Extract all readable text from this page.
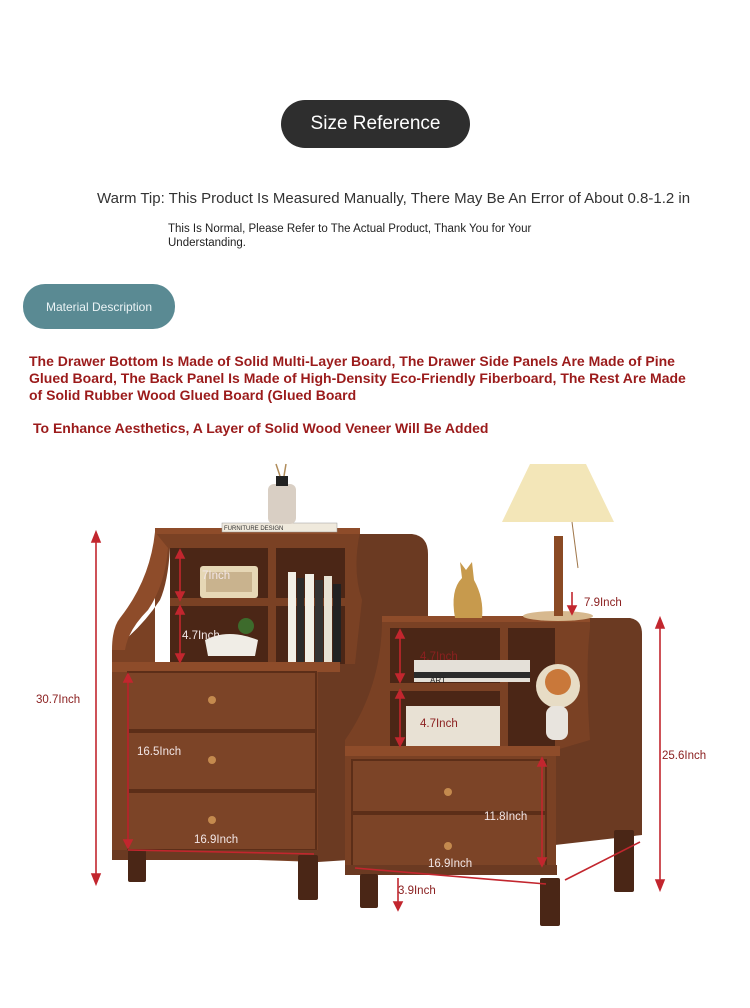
Size Reference
Warm Tip: This Product Is Measured Manually, There May Be An Error of About 0.8-1.2 in
This Is Normal, Please Refer to The Actual Product, Thank You for Your Understanding.
Material Description
The Drawer Bottom Is Made of Solid Multi-Layer Board, The Drawer Side Panels Are Made of Pine Glued Board, The Back Panel Is Made of High-Density Eco-Friendly Fiberboard, The Rest Are Made of Solid Rubber Wood Glued Board (Glued Board
To Enhance Aesthetics, A Layer of Solid Wood Veneer Will Be Added
FURNITURE DESIGN
ART
30.7Inch
7Inch
4.7Inch
16.5Inch
16.9Inch
7.9Inch
4.7Inch
4.7Inch
11.8Inch
25.6Inch
16.9Inch
3.9Inch
